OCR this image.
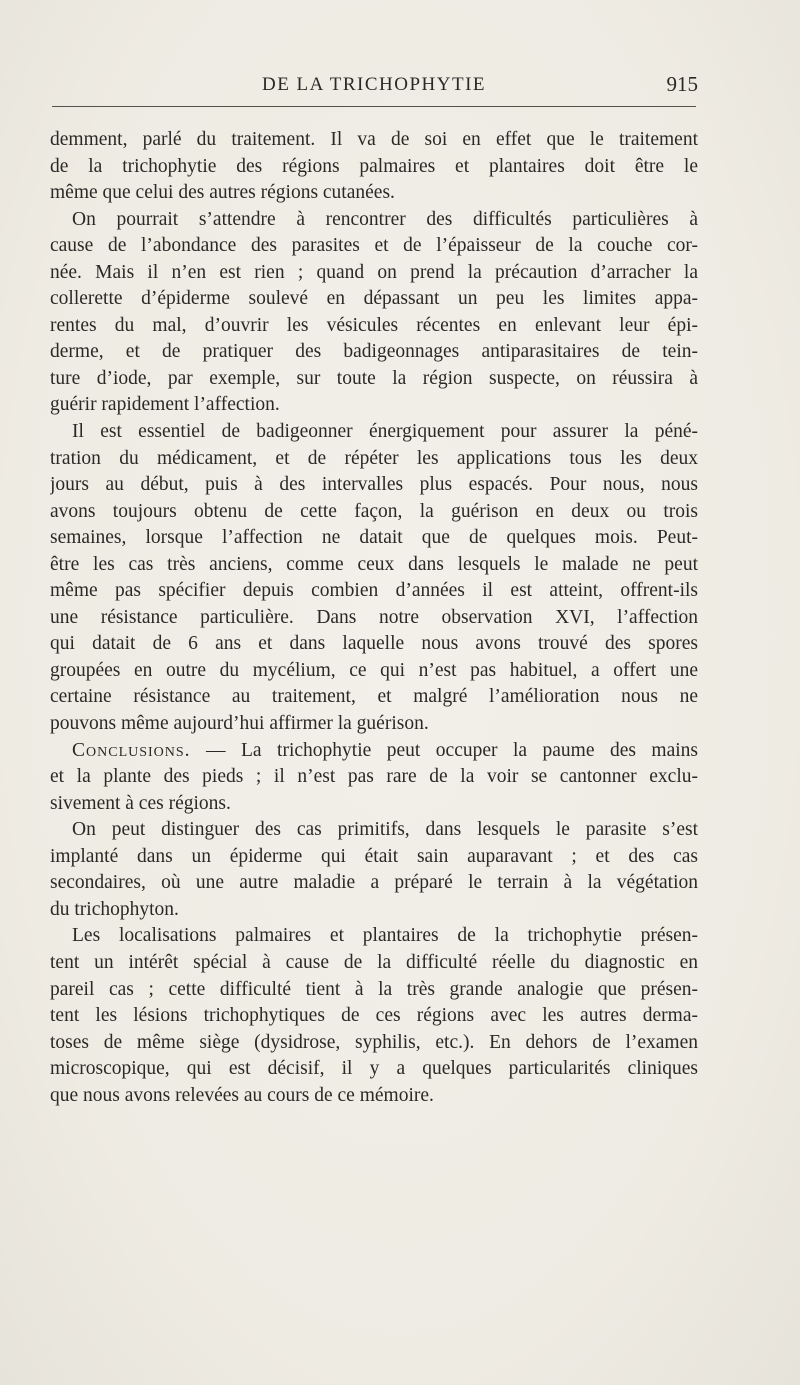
DE LA TRICHOPHYTIE	915
demment, parlé du traitement. Il va de soi en effet que le traitement
de la trichophytie des régions palmaires et plantaires doit être le
même que celui des autres régions cutanées.
On pourrait s’attendre à rencontrer des difficultés particulières à
cause de l’abondance des parasites et de l’épaisseur de la couche cor-
née. Mais il n’en est rien ; quand on prend la précaution d’arracher la
collerette d’épiderme soulevé en dépassant un peu les limites appa-
rentes du mal, d’ouvrir les vésicules récentes en enlevant leur épi-
derme, et de pratiquer des badigeonnages antiparasitaires de tein-
ture d’iode, par exemple, sur toute la région suspecte, on réussira à
guérir rapidement l’affection.
Il est essentiel de badigeonner énergiquement pour assurer la péné-
tration du médicament, et de répéter les applications tous les deux
jours au début, puis à des intervalles plus espacés. Pour nous, nous
avons toujours obtenu de cette façon, la guérison en deux ou trois
semaines, lorsque l’affection ne datait que de quelques mois. Peut-
être les cas très anciens, comme ceux dans lesquels le malade ne peut
même pas spécifier depuis combien d’années il est atteint, offrent-ils
une résistance particulière. Dans notre observation XVI, l’affection
qui datait de 6 ans et dans laquelle nous avons trouvé des spores
groupées en outre du mycélium, ce qui n’est pas habituel, a offert une
certaine résistance au traitement, et malgré l’amélioration nous ne
pouvons même aujourd’hui affirmer la guérison.
Conclusions. — La trichophytie peut occuper la paume des mains
et la plante des pieds ; il n’est pas rare de la voir se cantonner exclu-
sivement à ces régions.
On peut distinguer des cas primitifs, dans lesquels le parasite s’est
implanté dans un épiderme qui était sain auparavant ; et des cas
secondaires, où une autre maladie a préparé le terrain à la végétation
du trichophyton.
Les localisations palmaires et plantaires de la trichophytie présen-
tent un intérêt spécial à cause de la difficulté réelle du diagnostic en
pareil cas ; cette difficulté tient à la très grande analogie que présen-
tent les lésions trichophytiques de ces régions avec les autres derma-
toses de même siège (dysidrose, syphilis, etc.). En dehors de l’examen
microscopique, qui est décisif, il y a quelques particularités cliniques
que nous avons relevées au cours de ce mémoire.
